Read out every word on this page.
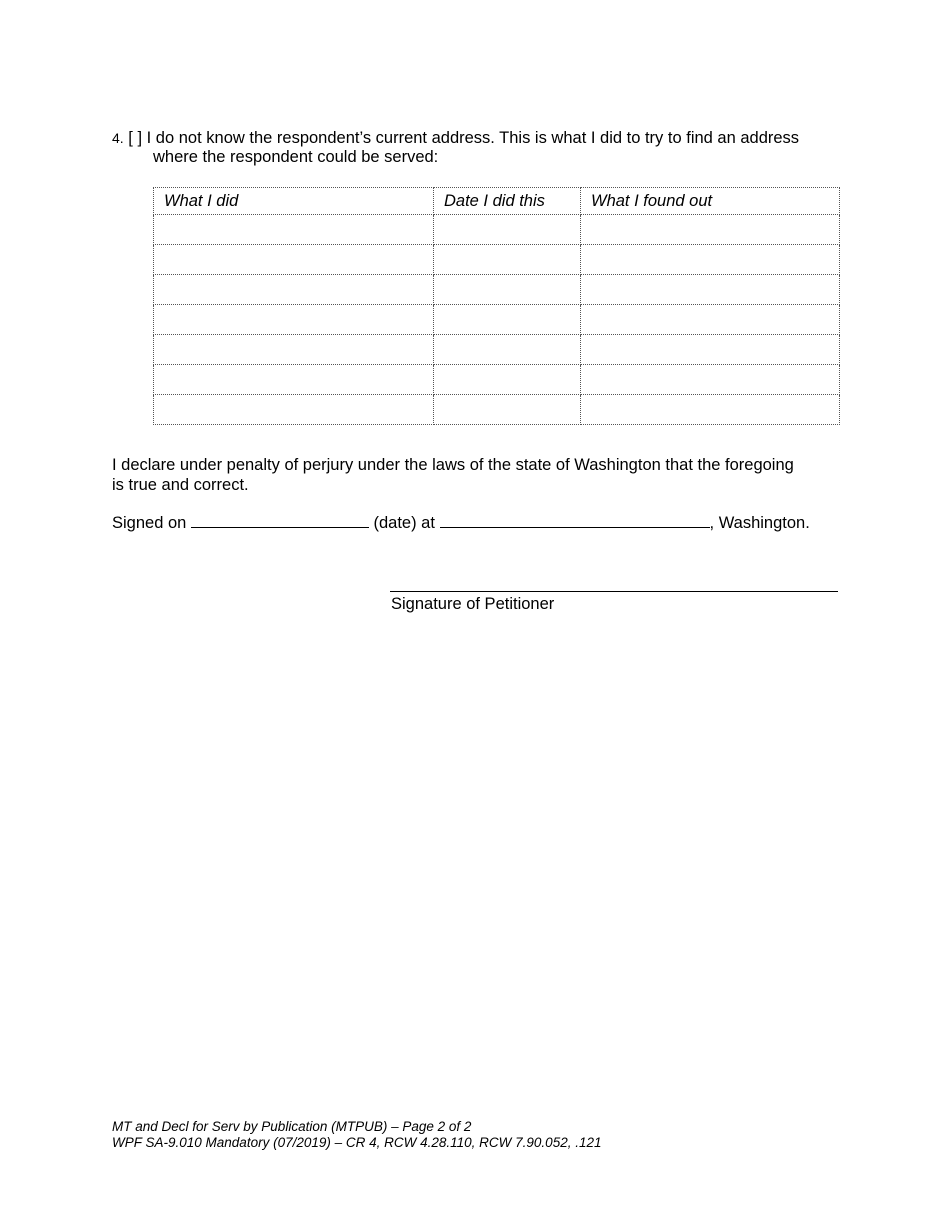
4. [ ] I do not know the respondent’s current address. This is what I did to try to find an address
where the respondent could be served:
What I did	Date I did this	What I found out

I declare under penalty of perjury under the laws of the state of Washington that the foregoing
is true and correct.
Signed on	(date) at	, Washington.
Signature of Petitioner
MT and Decl for Serv by Publication (MTPUB) – Page 2 of 2
WPF SA-9.010 Mandatory (07/2019) – CR 4, RCW 4.28.110, RCW 7.90.052, .121
